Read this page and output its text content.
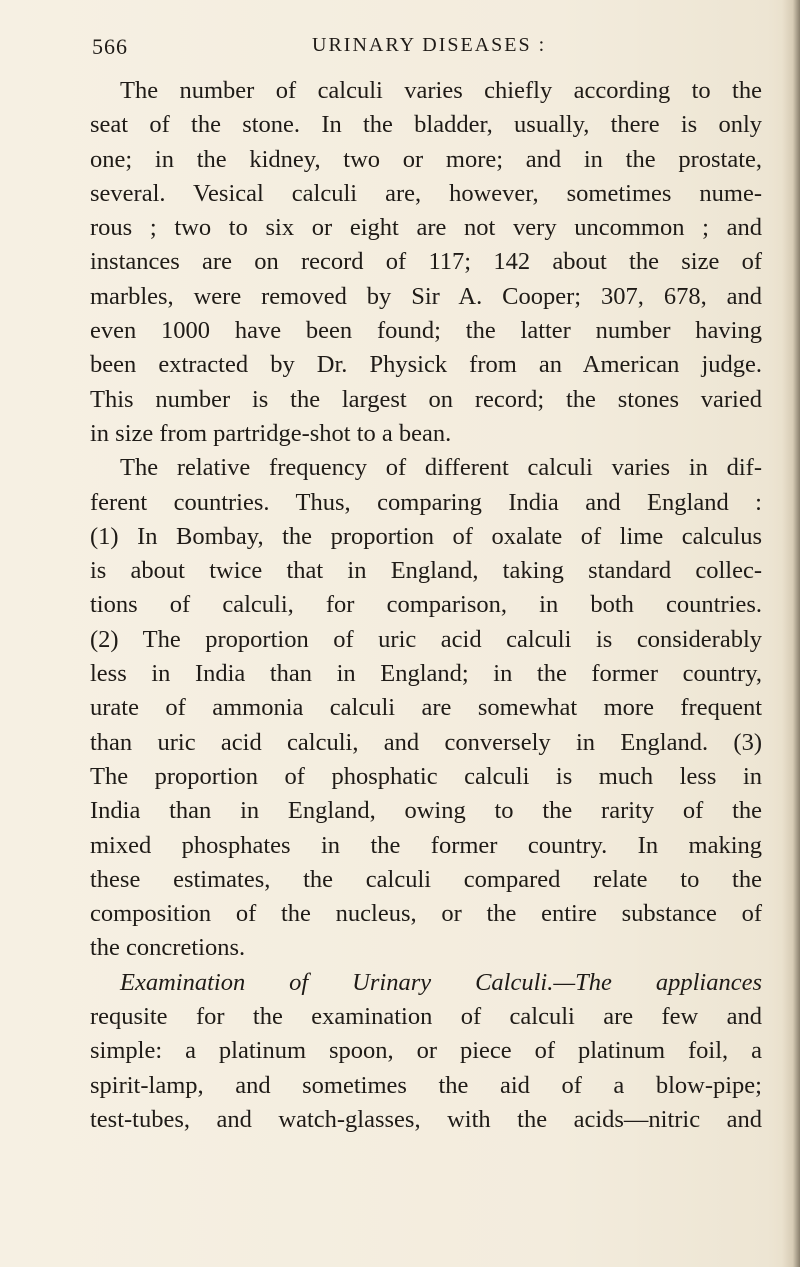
566	URINARY DISEASES :
The number of calculi varies chiefly according to the
seat of the stone. In the bladder, usually, there is only
one; in the kidney, two or more; and in the prostate,
several. Vesical calculi are, however, sometimes nume-
rous ; two to six or eight are not very uncommon ; and
instances are on record of 117; 142 about the size of
marbles, were removed by Sir A. Cooper; 307, 678, and
even 1000 have been found; the latter number having
been extracted by Dr. Physick from an American judge.
This number is the largest on record; the stones varied
in size from partridge-shot to a bean.
The relative frequency of different calculi varies in dif-
ferent countries. Thus, comparing India and England :
(1) In Bombay, the proportion of oxalate of lime calculus
is about twice that in England, taking standard collec-
tions of calculi, for comparison, in both countries.
(2) The proportion of uric acid calculi is considerably
less in India than in England; in the former country,
urate of ammonia calculi are somewhat more frequent
than uric acid calculi, and conversely in England. (3)
The proportion of phosphatic calculi is much less in
India than in England, owing to the rarity of the
mixed phosphates in the former country. In making
these estimates, the calculi compared relate to the
composition of the nucleus, or the entire substance of
the concretions.
Examination of Urinary Calculi.—The appliances
requsite for the examination of calculi are few and
simple: a platinum spoon, or piece of platinum foil, a
spirit-lamp, and sometimes the aid of a blow-pipe;
test-tubes, and watch-glasses, with the acids—nitric and
